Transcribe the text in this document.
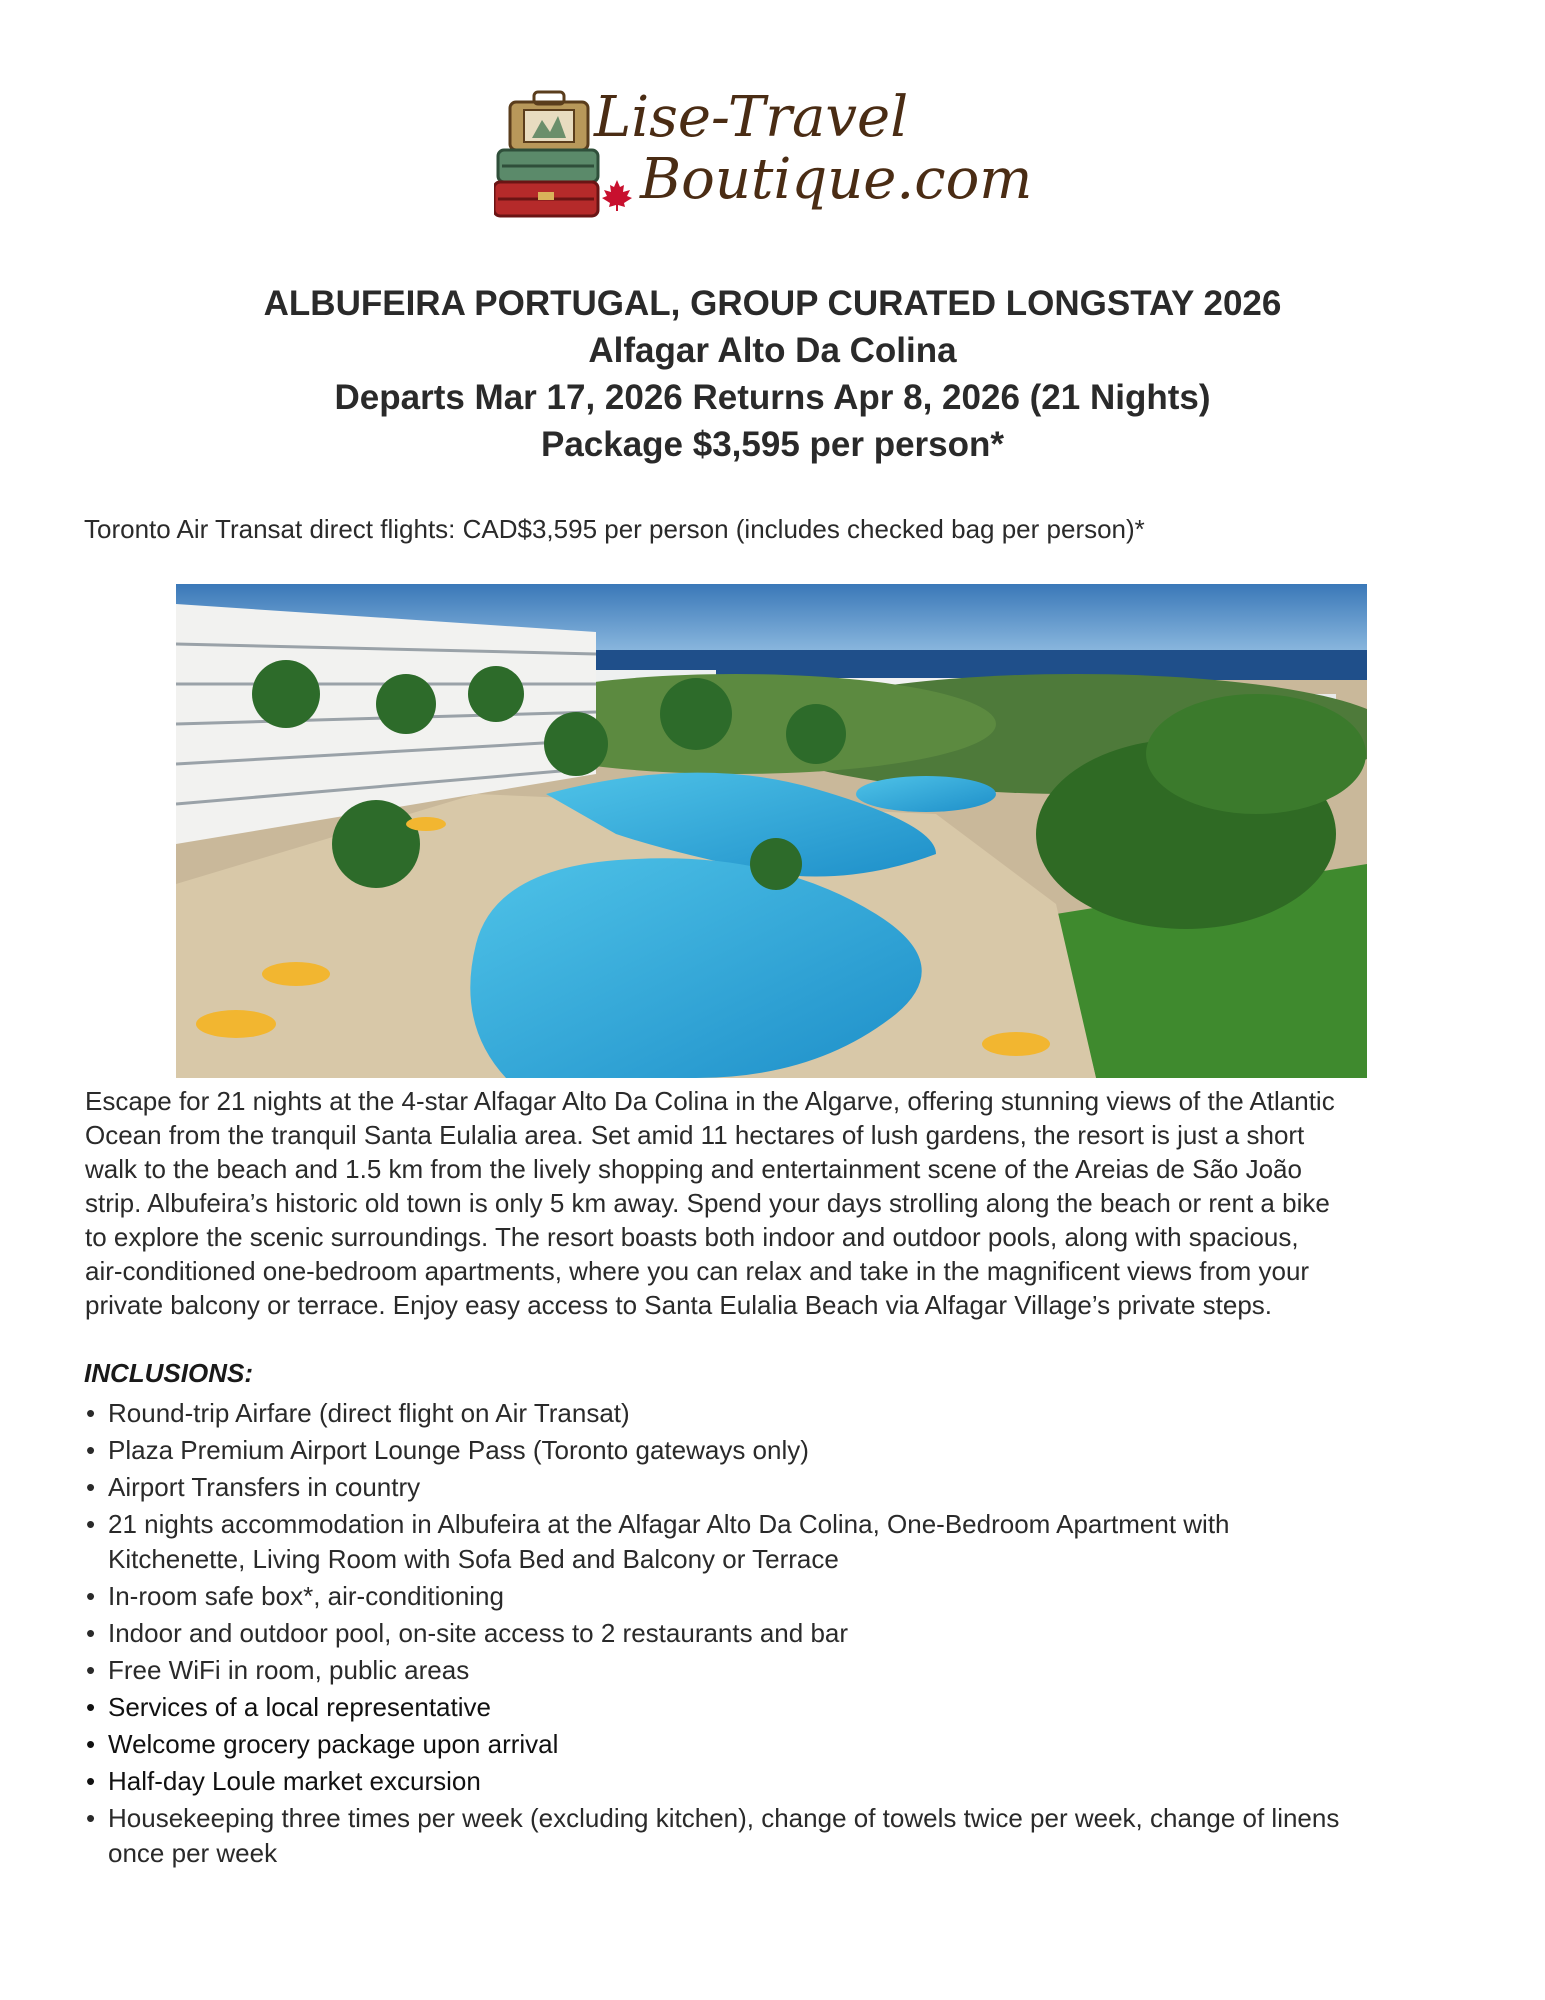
Lise-Travel
Boutique.com
ALBUFEIRA PORTUGAL, GROUP CURATED LONGSTAY 2026
Alfagar Alto Da Colina
Departs Mar 17, 2026 Returns Apr 8, 2026 (21 Nights)
Package $3,595 per person*
Toronto Air Transat direct flights: CAD$3,595 per person (includes checked bag per person)*
Escape for 21 nights at the 4-star Alfagar Alto Da Colina in the Algarve, offering stunning views of the Atlantic
Ocean from the tranquil Santa Eulalia area. Set amid 11 hectares of lush gardens, the resort is just a short
walk to the beach and 1.5 km from the lively shopping and entertainment scene of the Areias de São João
strip. Albufeira’s historic old town is only 5 km away. Spend your days strolling along the beach or rent a bike
to explore the scenic surroundings. The resort boasts both indoor and outdoor pools, along with spacious,
air-conditioned one-bedroom apartments, where you can relax and take in the magnificent views from your
private balcony or terrace. Enjoy easy access to Santa Eulalia Beach via Alfagar Village’s private steps.
INCLUSIONS:
• Round-trip Airfare (direct flight on Air Transat)
• Plaza Premium Airport Lounge Pass (Toronto gateways only)
• Airport Transfers in country
• 21 nights accommodation in Albufeira at the Alfagar Alto Da Colina, One-Bedroom Apartment with
Kitchenette, Living Room with Sofa Bed and Balcony or Terrace
• In-room safe box*, air-conditioning
• Indoor and outdoor pool, on-site access to 2 restaurants and bar
• Free WiFi in room, public areas
• Services of a local representative
• Welcome grocery package upon arrival
• Half-day Loule market excursion
• Housekeeping three times per week (excluding kitchen), change of towels twice per week, change of linens
once per week
